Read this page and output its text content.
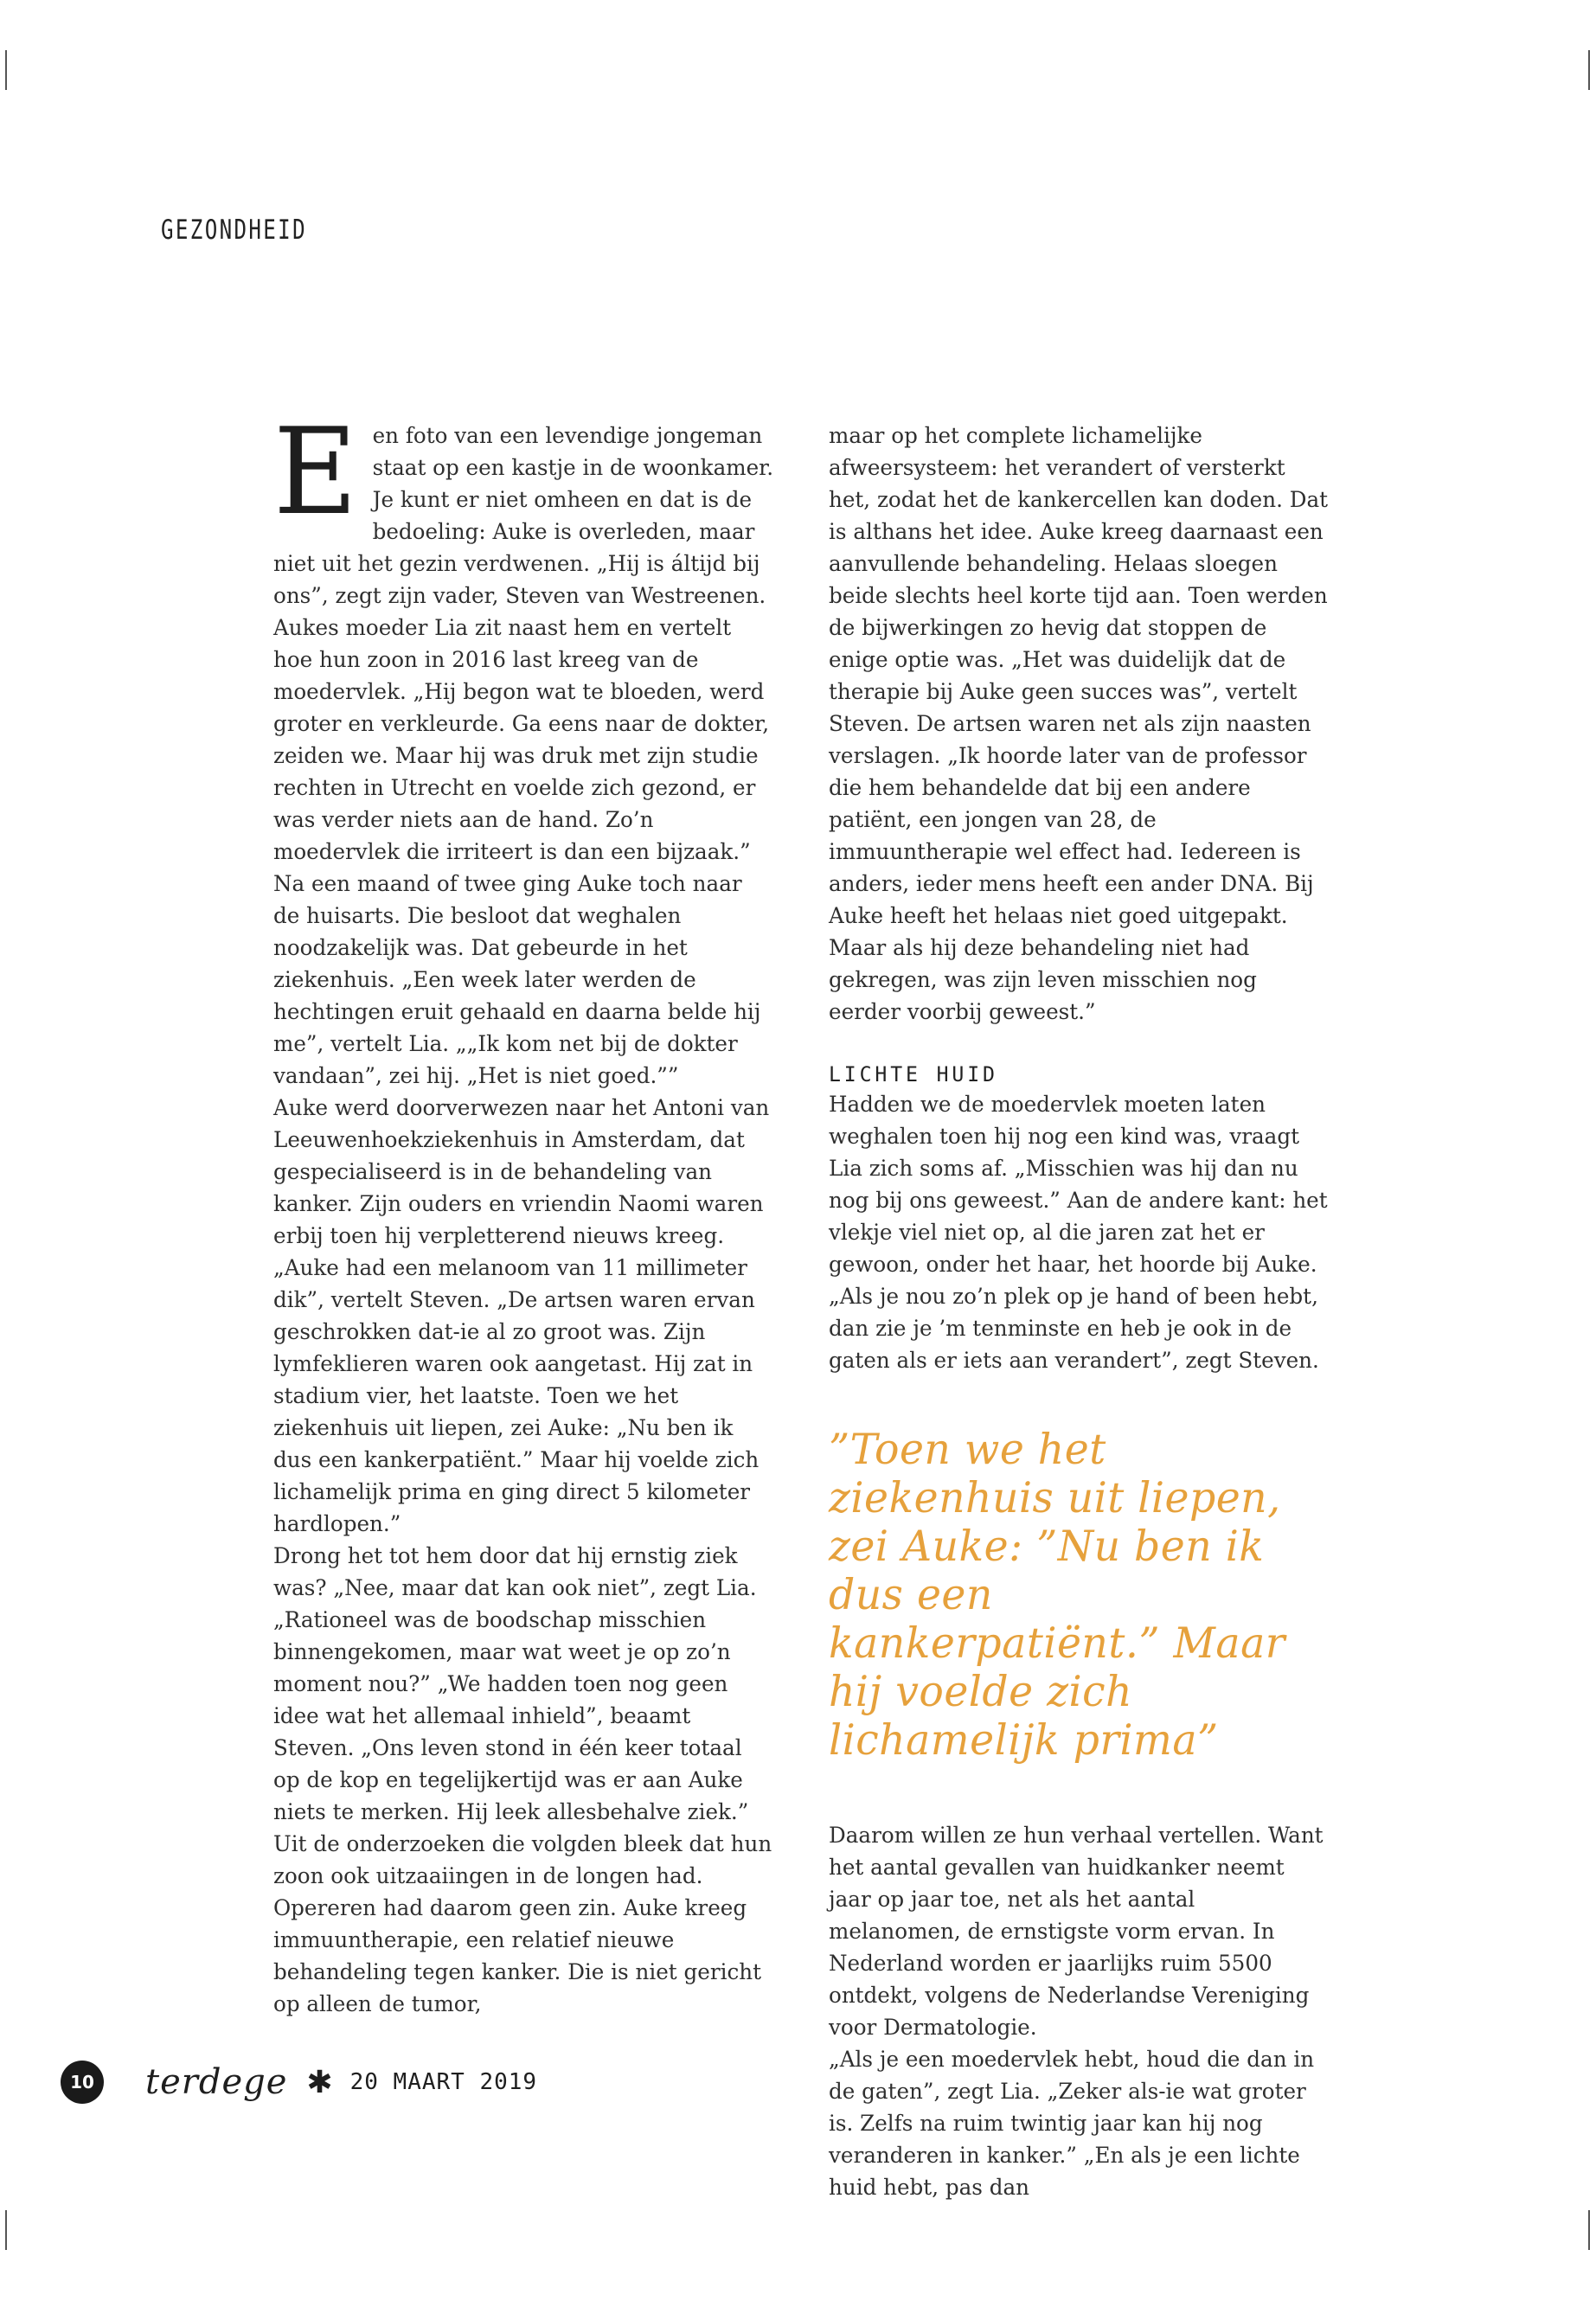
GEZONDHEID

Een foto van een levendige jongeman staat op een kastje in de woonkamer. Je kunt er niet omheen en dat is de bedoeling: Auke is overleden, maar niet uit het gezin verdwenen. „Hij is áltijd bij ons”, zegt zijn vader, Steven van Westreenen. Aukes moeder Lia zit naast hem en vertelt hoe hun zoon in 2016 last kreeg van de moedervlek. „Hij begon wat te bloeden, werd groter en verkleurde. Ga eens naar de dokter, zeiden we. Maar hij was druk met zijn studie rechten in Utrecht en voelde zich gezond, er was verder niets aan de hand. Zo’n moedervlek die irriteert is dan een bijzaak.”

Na een maand of twee ging Auke toch naar de huisarts. Die besloot dat weghalen noodzakelijk was. Dat gebeurde in het ziekenhuis. „Een week later werden de hechtingen eruit gehaald en daarna belde hij me”, vertelt Lia. „„Ik kom net bij de dokter vandaan”, zei hij. „Het is niet goed.””

Auke werd doorverwezen naar het Antoni van Leeuwenhoekziekenhuis in Amsterdam, dat gespecialiseerd is in de behandeling van kanker. Zijn ouders en vriendin Naomi waren erbij toen hij verpletterend nieuws kreeg. „Auke had een melanoom van 11 millimeter dik”, vertelt Steven. „De artsen waren ervan geschrokken dat-ie al zo groot was. Zijn lymfeklieren waren ook aangetast. Hij zat in stadium vier, het laatste. Toen we het ziekenhuis uit liepen, zei Auke: „Nu ben ik dus een kankerpatiënt.” Maar hij voelde zich lichamelijk prima en ging direct 5 kilometer hardlopen.”

Drong het tot hem door dat hij ernstig ziek was? „Nee, maar dat kan ook niet”, zegt Lia. „Rationeel was de boodschap misschien binnengekomen, maar wat weet je op zo’n moment nou?” „We hadden toen nog geen idee wat het allemaal inhield”, beaamt Steven. „Ons leven stond in één keer totaal op de kop en tegelijkertijd was er aan Auke niets te merken. Hij leek allesbehalve ziek.”

Uit de onderzoeken die volgden bleek dat hun zoon ook uitzaaiingen in de longen had. Opereren had daarom geen zin. Auke kreeg immuuntherapie, een relatief nieuwe behandeling tegen kanker. Die is niet gericht op alleen de tumor,

maar op het complete lichamelijke afweersysteem: het verandert of versterkt het, zodat het de kankercellen kan doden. Dat is althans het idee. Auke kreeg daarnaast een aanvullende behandeling. Helaas sloegen beide slechts heel korte tijd aan. Toen werden de bijwerkingen zo hevig dat stoppen de enige optie was. „Het was duidelijk dat de therapie bij Auke geen succes was”, vertelt Steven. De artsen waren net als zijn naasten verslagen. „Ik hoorde later van de professor die hem behandelde dat bij een andere patiënt, een jongen van 28, de immuuntherapie wel effect had. Iedereen is anders, ieder mens heeft een ander DNA. Bij Auke heeft het helaas niet goed uitgepakt. Maar als hij deze behandeling niet had gekregen, was zijn leven misschien nog eerder voorbij geweest.”

LICHTE HUID

Hadden we de moedervlek moeten laten weghalen toen hij nog een kind was, vraagt Lia zich soms af. „Misschien was hij dan nu nog bij ons geweest.” Aan de andere kant: het vlekje viel niet op, al die jaren zat het er gewoon, onder het haar, het hoorde bij Auke. „Als je nou zo’n plek op je hand of been hebt, dan zie je ’m tenminste en heb je ook in de gaten als er iets aan verandert”, zegt Steven.

”Toen we het ziekenhuis uit liepen, zei Auke: ”Nu ben ik dus een kankerpatiënt.” Maar hij voelde zich lichamelijk prima”

Daarom willen ze hun verhaal vertellen. Want het aantal gevallen van huidkanker neemt jaar op jaar toe, net als het aantal melanomen, de ernstigste vorm ervan. In Nederland worden er jaarlijks ruim 5500 ontdekt, volgens de Nederlandse Vereniging voor Dermatologie.

„Als je een moedervlek hebt, houd die dan in de gaten”, zegt Lia. „Zeker als-ie wat groter is. Zelfs na ruim twintig jaar kan hij nog veranderen in kanker.” „En als je een lichte huid hebt, pas dan

10 terdege ✱ 20 MAART 2019
